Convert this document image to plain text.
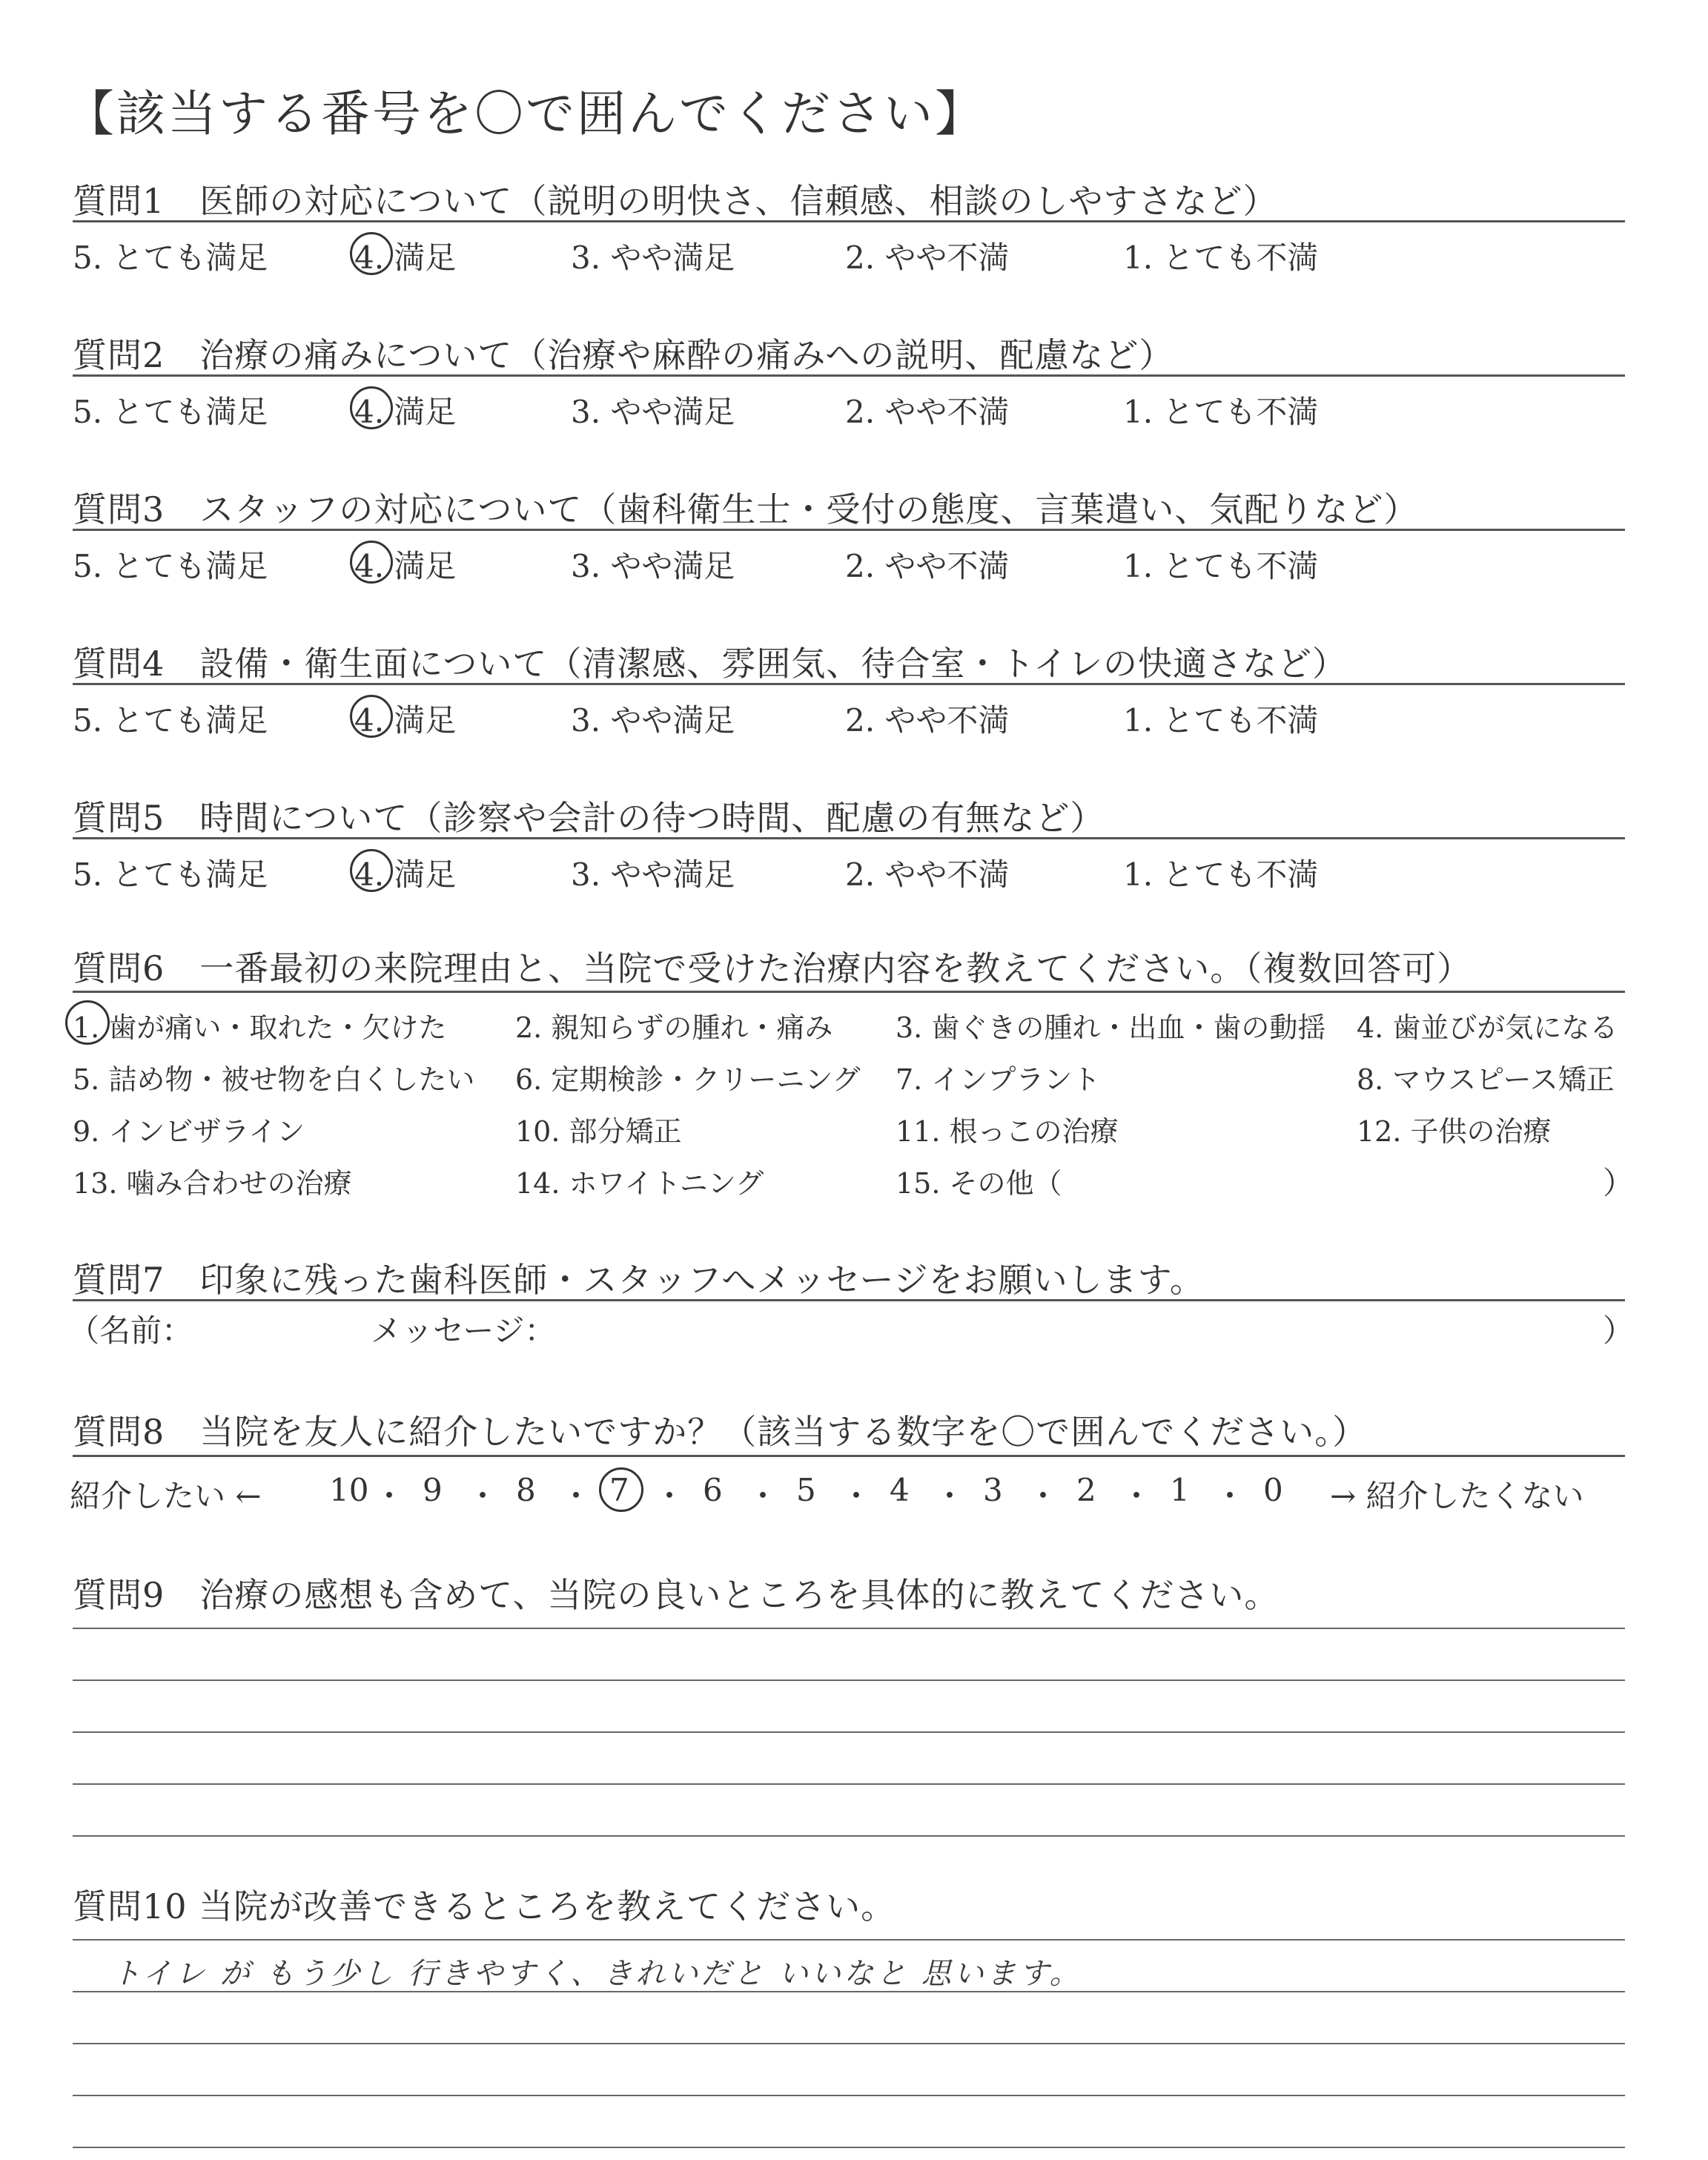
【該当する番号を〇で囲んでください】
質問1　医師の対応について（説明の明快さ、信頼感、相談のしやすさなど）
5. とても満足	4. 満足	3. やや満足	2. やや不満	1. とても不満
質問2　治療の痛みについて（治療や麻酔の痛みへの説明、配慮など）
5. とても満足	4. 満足	3. やや満足	2. やや不満	1. とても不満
質問3　スタッフの対応について（歯科衛生士・受付の態度、言葉遣い、気配りなど）
5. とても満足	4. 満足	3. やや満足	2. やや不満	1. とても不満
質問4　設備・衛生面について（清潔感、雰囲気、待合室・トイレの快適さなど）
5. とても満足	4. 満足	3. やや満足	2. やや不満	1. とても不満
質問5　時間について（診察や会計の待つ時間、配慮の有無など）
5. とても満足	4. 満足	3. やや満足	2. やや不満	1. とても不満
質問6　一番最初の来院理由と、当院で受けた治療内容を教えてください。（複数回答可）
1. 歯が痛い・取れた・欠けた 2. 親知らずの腫れ・痛み 3. 歯ぐきの腫れ・出血・歯の動揺 4. 歯並びが気になる
5. 詰め物・被せ物を白くしたい 6. 定期検診・クリーニング 7. インプラント	8. マウスピース矯正
9. インビザライン	10. 部分矯正	11. 根っこの治療	12. 子供の治療
13. 噛み合わせの治療	14. ホワイトニング	15. その他（	）
質問7　印象に残った歯科医師・スタッフへメッセージをお願いします。
（名前：	メッセージ：	）
質問8　当院を友人に紹介したいですか？（該当する数字を〇で囲んでください。）
紹介したい ← 10 ・ 9 ・ 8 ・ 7 ・ 6 ・ 5 ・ 4 ・ 3 ・ 2 ・ 1 ・ 0 → 紹介したくない
質問9　治療の感想も含めて、当院の良いところを具体的に教えてください。
質問10 当院が改善できるところを教えてください。
トイレ が もう少し 行きやすく、きれいだと いいなと 思います。
